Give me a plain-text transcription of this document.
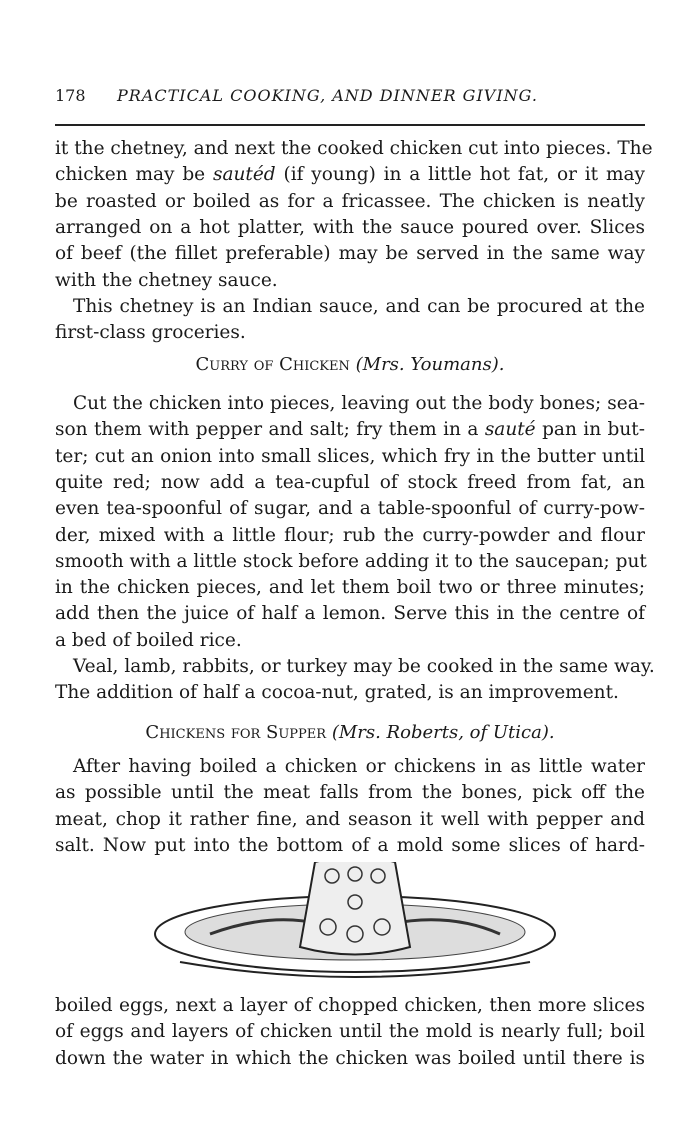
178 PRACTICAL COOKING, AND DINNER GIVING.
it the chetney, and next the cooked chicken cut into pieces. The
chicken may be sautéd (if young) in a little hot fat, or it may
be roasted or boiled as for a fricassee. The chicken is neatly
arranged on a hot platter, with the sauce poured over. Slices
of beef (the fillet preferable) may be served in the same way
with the chetney sauce.
This chetney is an Indian sauce, and can be procured at the
first-class groceries.
Cut the chicken into pieces, leaving out the body bones; sea-
son them with pepper and salt; fry them in a sauté pan in but-
ter; cut an onion into small slices, which fry in the butter until
quite red; now add a tea-cupful of stock freed from fat, an
even tea-spoonful of sugar, and a table-spoonful of curry-pow-
der, mixed with a little flour; rub the curry-powder and flour
smooth with a little stock before adding it to the saucepan; put
in the chicken pieces, and let them boil two or three minutes;
add then the juice of half a lemon. Serve this in the centre of
a bed of boiled rice.
Veal, lamb, rabbits, or turkey may be cooked in the same way.
The addition of half a cocoa-nut, grated, is an improvement.
After having boiled a chicken or chickens in as little water
as possible until the meat falls from the bones, pick off the
meat, chop it rather fine, and season it well with pepper and
salt. Now put into the bottom of a mold some slices of hard-
boiled eggs, next a layer of chopped chicken, then more slices
of eggs and layers of chicken until the mold is nearly full; boil
down the water in which the chicken was boiled until there is
Curry of Chicken (Mrs. Youmans).
Chickens for Supper (Mrs. Roberts, of Utica).
